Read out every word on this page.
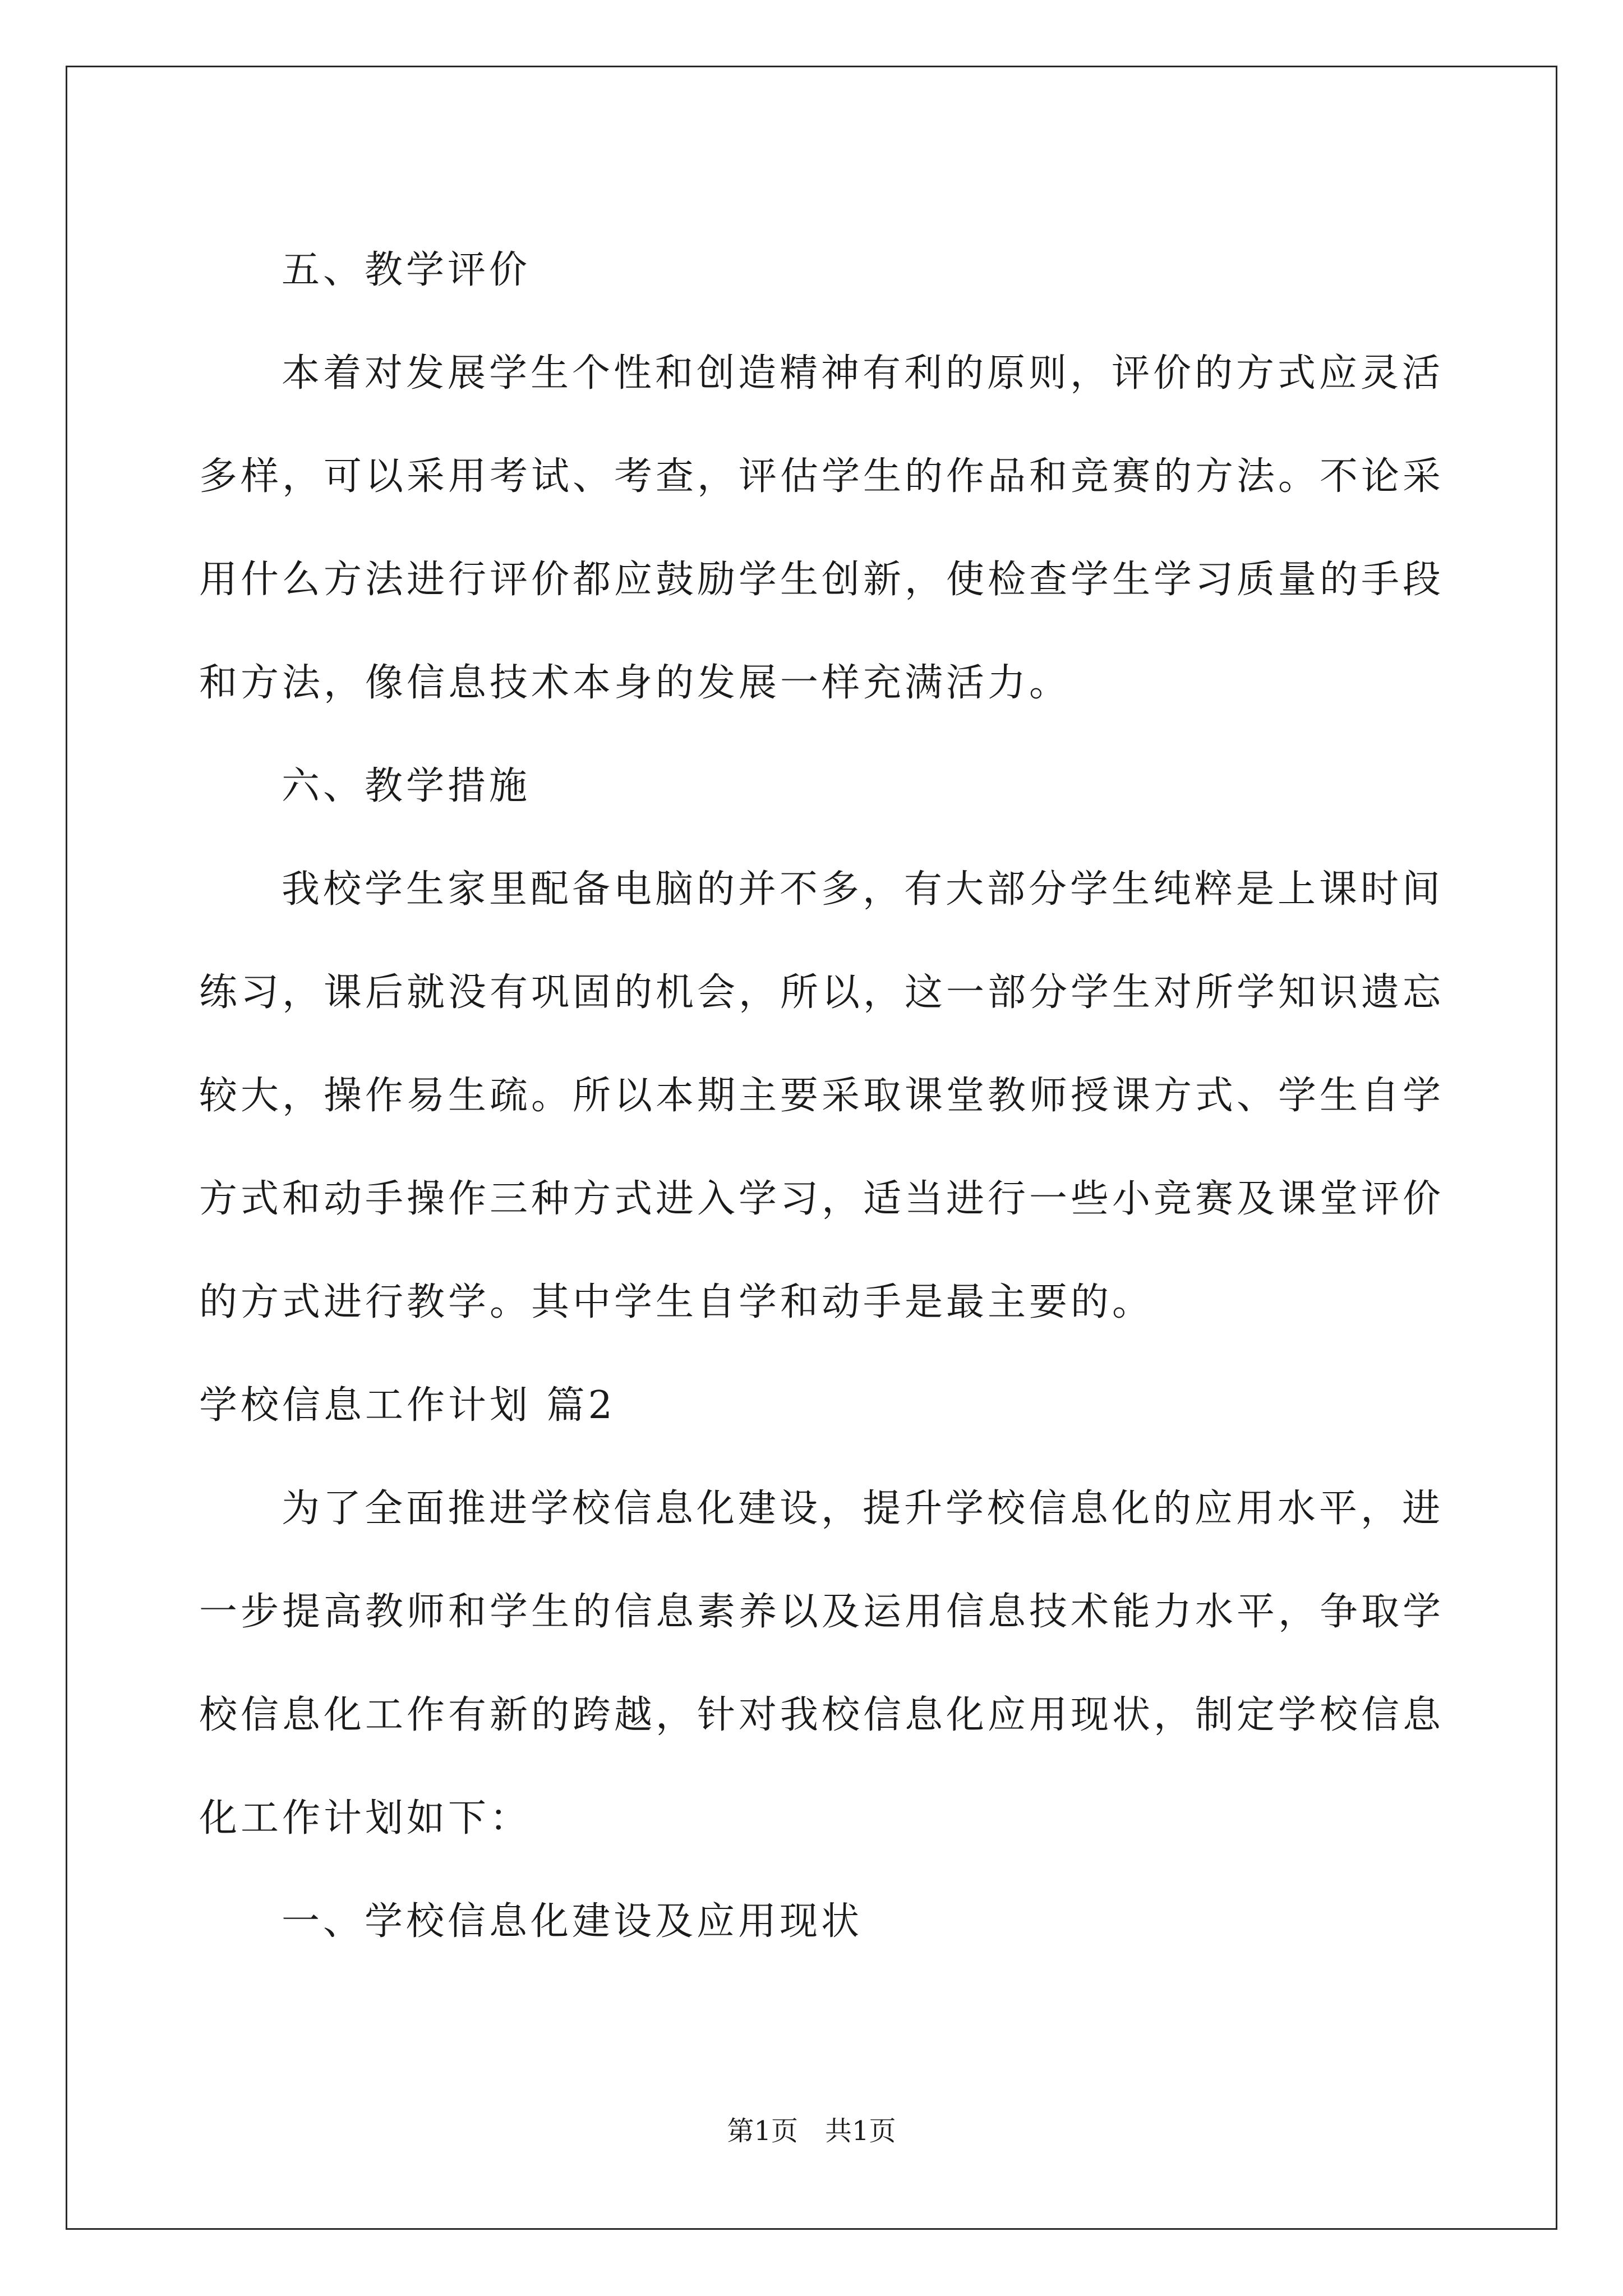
五、教学评价
本着对发展学生个性和创造精神有利的原则，评价的方式应灵活
多样，可以采用考试、考查，评估学生的作品和竞赛的方法。不论采
用什么方法进行评价都应鼓励学生创新，使检查学生学习质量的手段
和方法，像信息技术本身的发展一样充满活力。
六、教学措施
我校学生家里配备电脑的并不多，有大部分学生纯粹是上课时间
练习，课后就没有巩固的机会，所以，这一部分学生对所学知识遗忘
较大，操作易生疏。所以本期主要采取课堂教师授课方式、学生自学
方式和动手操作三种方式进入学习，适当进行一些小竞赛及课堂评价
的方式进行教学。其中学生自学和动手是最主要的。
学校信息工作计划 篇2
为了全面推进学校信息化建设，提升学校信息化的应用水平，进
一步提高教师和学生的信息素养以及运用信息技术能力水平，争取学
校信息化工作有新的跨越，针对我校信息化应用现状，制定学校信息
化工作计划如下：
一、学校信息化建设及应用现状
第1页　共1页
